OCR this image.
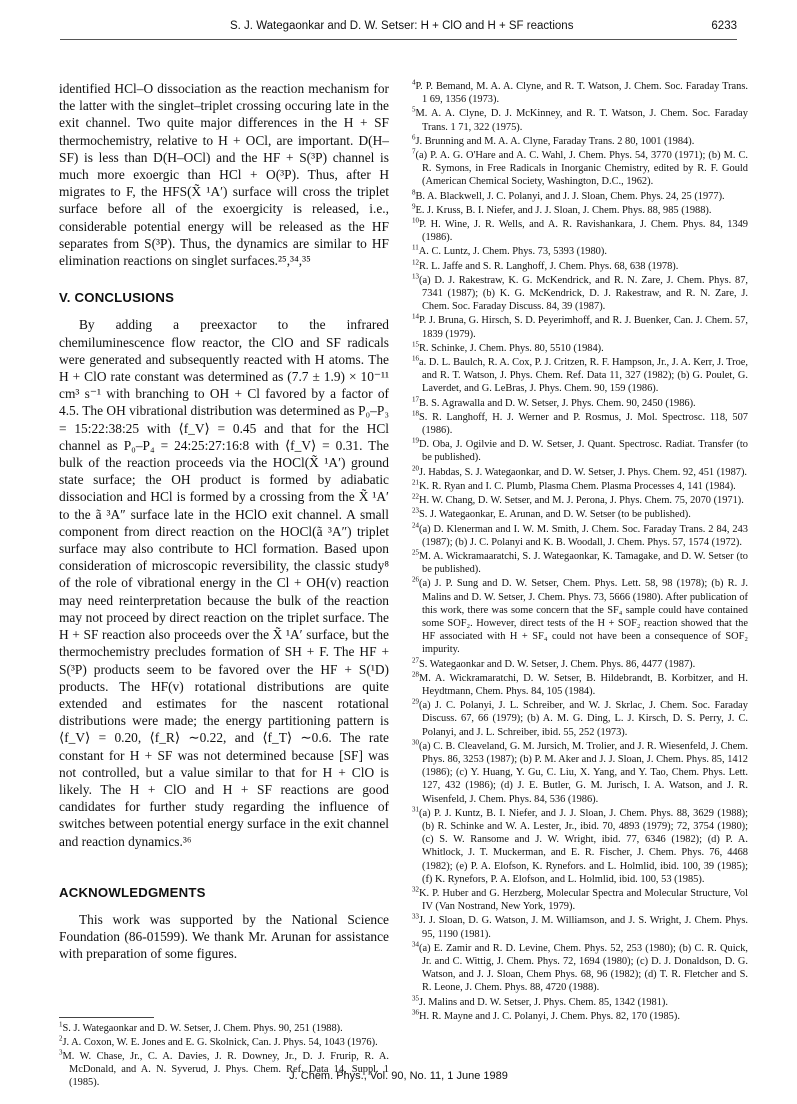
S. J. Wategaonkar and D. W. Setser: H + ClO and H + SF reactions	6233

identified HCl–O dissociation as the reaction mechanism for the latter with the singlet–triplet crossing occuring late in the exit channel. Two quite major differences in the H + SF thermochemistry, relative to H + OCl, are important. D(H–SF) is less than D(H–OCl) and the HF + S(³P) channel is much more exoergic than HCl + O(³P). Thus, after H migrates to F, the HFS(X̃ ¹A′) surface will cross the triplet surface before all of the exoergicity is released, i.e., considerable potential energy will be released as the HF separates from S(³P). Thus, the dynamics are similar to HF elimination reactions on singlet surfaces.²⁵,³⁴,³⁵

V. CONCLUSIONS

By adding a preexactor to the infrared chemiluminescence flow reactor, the ClO and SF radicals were generated and subsequently reacted with H atoms. The H + ClO rate constant was determined as (7.7 ± 1.9) × 10⁻¹¹ cm³ s⁻¹ with branching to OH + Cl favored by a factor of 4.5. The OH vibrational distribution was determined as P₀–P₃ = 15:22:38:25 with ⟨f_V⟩ = 0.45 and that for the HCl channel as P₀–P₄ = 24:25:27:16:8 with ⟨f_V⟩ = 0.31. The bulk of the reaction proceeds via the HOCl(X̃ ¹A′) ground state surface; the OH product is formed by adiabatic dissociation and HCl is formed by a crossing from the X̃ ¹A′ to the ã ³A″ surface late in the HClO exit channel. A small component from direct reaction on the HOCl(ã ³A″) triplet surface may also contribute to HCl formation. Based upon consideration of microscopic reversibility, the classic study⁸ of the role of vibrational energy in the Cl + OH(v) reaction may need reinterpretation because the bulk of the reaction may not proceed by direct reaction on the triplet surface. The H + SF reaction also proceeds over the X̃ ¹A′ surface, but the thermochemistry precludes formation of SH + F. The HF + S(³P) products seem to be favored over the HF + S(¹D) products. The HF(v) rotational distributions are quite extended and estimates for the nascent rotational distributions were made; the energy partitioning pattern is ⟨f_V⟩ = 0.20, ⟨f_R⟩ ∼0.22, and ⟨f_T⟩ ∼0.6. The rate constant for H + SF was not determined because [SF] was not controlled, but a value similar to that for H + ClO is likely. The H + ClO and H + SF reactions are good candidates for further study regarding the influence of switches between potential energy surface in the exit channel and reaction dynamics.³⁶

ACKNOWLEDGMENTS

This work was supported by the National Science Foundation (86-01599). We thank Mr. Arunan for assistance with preparation of some figures.

$^1$S. J. Wategaonkar and D. W. Setser, J. Chem. Phys. 90, 251 (1988).

$^2$J. A. Coxon, W. E. Jones and E. G. Skolnick, Can. J. Phys. 54, 1043 (1976).

$^3$M. W. Chase, Jr., C. A. Davies, J. R. Downey, Jr., D. J. Frurip, R. A. McDonald, and A. N. Syverud, J. Phys. Chem. Ref. Data 14, Suppl. 1 (1985).

$^4$P. P. Bemand, M. A. A. Clyne, and R. T. Watson, J. Chem. Soc. Faraday Trans. 1 69, 1356 (1973).

$^5$M. A. A. Clyne, D. J. McKinney, and R. T. Watson, J. Chem. Soc. Faraday Trans. 1 71, 322 (1975).

$^6$J. Brunning and M. A. A. Clyne, Faraday Trans. 2 80, 1001 (1984).

$^7$(a) P. A. G. O'Hare and A. C. Wahl, J. Chem. Phys. 54, 3770 (1971); (b) M. C. R. Symons, in Free Radicals in Inorganic Chemistry, edited by R. F. Gould (American Chemical Society, Washington, D.C., 1962).

$^8$B. A. Blackwell, J. C. Polanyi, and J. J. Sloan, Chem. Phys. 24, 25 (1977).

$^9$E. J. Kruss, B. I. Niefer, and J. J. Sloan, J. Chem. Phys. 88, 985 (1988).

$^{10}$P. H. Wine, J. R. Wells, and A. R. Ravishankara, J. Chem. Phys. 84, 1349 (1986).

$^{11}$A. C. Luntz, J. Chem. Phys. 73, 5393 (1980).

$^{12}$R. L. Jaffe and S. R. Langhoff, J. Chem. Phys. 68, 638 (1978).

$^{13}$(a) D. J. Rakestraw, K. G. McKendrick, and R. N. Zare, J. Chem. Phys. 87, 7341 (1987); (b) K. G. McKendrick, D. J. Rakestraw, and R. N. Zare, J. Chem. Soc. Faraday Discuss. 84, 39 (1987).

$^{14}$P. J. Bruna, G. Hirsch, S. D. Peyerimhoff, and R. J. Buenker, Can. J. Chem. 57, 1839 (1979).

$^{15}$R. Schinke, J. Chem. Phys. 80, 5510 (1984).

$^{16}$a. D. L. Baulch, R. A. Cox, P. J. Critzen, R. F. Hampson, Jr., J. A. Kerr, J. Troe, and R. T. Watson, J. Phys. Chem. Ref. Data 11, 327 (1982); (b) G. Poulet, G. Laverdet, and G. LeBras, J. Phys. Chem. 90, 159 (1986).

$^{17}$B. S. Agrawalla and D. W. Setser, J. Phys. Chem. 90, 2450 (1986).

$^{18}$S. R. Langhoff, H. J. Werner and P. Rosmus, J. Mol. Spectrosc. 118, 507 (1986).

$^{19}$D. Oba, J. Ogilvie and D. W. Setser, J. Quant. Spectrosc. Radiat. Transfer (to be published).

$^{20}$J. Habdas, S. J. Wategaonkar, and D. W. Setser, J. Phys. Chem. 92, 451 (1987).

$^{21}$K. R. Ryan and I. C. Plumb, Plasma Chem. Plasma Processes 4, 141 (1984).

$^{22}$H. W. Chang, D. W. Setser, and M. J. Perona, J. Phys. Chem. 75, 2070 (1971).

$^{23}$S. J. Wategaonkar, E. Arunan, and D. W. Setser (to be published).

$^{24}$(a) D. Klenerman and I. W. M. Smith, J. Chem. Soc. Faraday Trans. 2 84, 243 (1987); (b) J. C. Polanyi and K. B. Woodall, J. Chem. Phys. 57, 1574 (1972).

$^{25}$M. A. Wickramaaratchi, S. J. Wategaonkar, K. Tamagake, and D. W. Setser (to be published).

$^{26}$(a) J. P. Sung and D. W. Setser, Chem. Phys. Lett. 58, 98 (1978); (b) R. J. Malins and D. W. Setser, J. Chem. Phys. 73, 5666 (1980). After publication of this work, there was some concern that the SF₄ sample could have contained some SOF₂. However, direct tests of the H + SOF₂ reaction showed that the HF associated with H + SF₄ could not have been a consequence of SOF₂ impurity.

$^{27}$S. Wategaonkar and D. W. Setser, J. Chem. Phys. 86, 4477 (1987).

$^{28}$M. A. Wickramaratchi, D. W. Setser, B. Hildebrandt, B. Korbitzer, and H. Heydtmann, Chem. Phys. 84, 105 (1984).

$^{29}$(a) J. C. Polanyi, J. L. Schreiber, and W. J. Skrlac, J. Chem. Soc. Faraday Discuss. 67, 66 (1979); (b) A. M. G. Ding, L. J. Kirsch, D. S. Perry, J. C. Polanyi, and J. L. Schreiber, ibid. 55, 252 (1973).

$^{30}$(a) C. B. Cleaveland, G. M. Jursich, M. Trolier, and J. R. Wiesenfeld, J. Chem. Phys. 86, 3253 (1987); (b) P. M. Aker and J. J. Sloan, J. Chem. Phys. 85, 1412 (1986); (c) Y. Huang, Y. Gu, C. Liu, X. Yang, and Y. Tao, Chem. Phys. Lett. 127, 432 (1986); (d) J. E. Butler, G. M. Jurisch, I. A. Watson, and J. R. Wisenfeld, J. Chem. Phys. 84, 536 (1986).

$^{31}$(a) P. J. Kuntz, B. I. Niefer, and J. J. Sloan, J. Chem. Phys. 88, 3629 (1988); (b) R. Schinke and W. A. Lester, Jr., ibid. 70, 4893 (1979); 72, 3754 (1980); (c) S. W. Ransome and J. W. Wright, ibid. 77, 6346 (1982); (d) P. A. Whitlock, J. T. Muckerman, and E. R. Fischer, J. Chem. Phys. 76, 4468 (1982); (e) P. A. Elofson, K. Rynefors. and L. Holmlid, ibid. 100, 39 (1985); (f) K. Rynefors, P. A. Elofson, and L. Holmlid, ibid. 100, 53 (1985).

$^{32}$K. P. Huber and G. Herzberg, Molecular Spectra and Molecular Structure, Vol IV (Van Nostrand, New York, 1979).

$^{33}$J. J. Sloan, D. G. Watson, J. M. Williamson, and J. S. Wright, J. Chem. Phys. 95, 1190 (1981).

$^{34}$(a) E. Zamir and R. D. Levine, Chem. Phys. 52, 253 (1980); (b) C. R. Quick, Jr. and C. Wittig, J. Chem. Phys. 72, 1694 (1980); (c) D. J. Donaldson, D. G. Watson, and J. J. Sloan, Chem Phys. 68, 96 (1982); (d) T. R. Fletcher and S. R. Leone, J. Chem. Phys. 88, 4720 (1988).

$^{35}$J. Malins and D. W. Setser, J. Phys. Chem. 85, 1342 (1981).

$^{36}$H. R. Mayne and J. C. Polanyi, J. Chem. Phys. 82, 170 (1985).

J. Chem. Phys., Vol. 90, No. 11, 1 June 1989
